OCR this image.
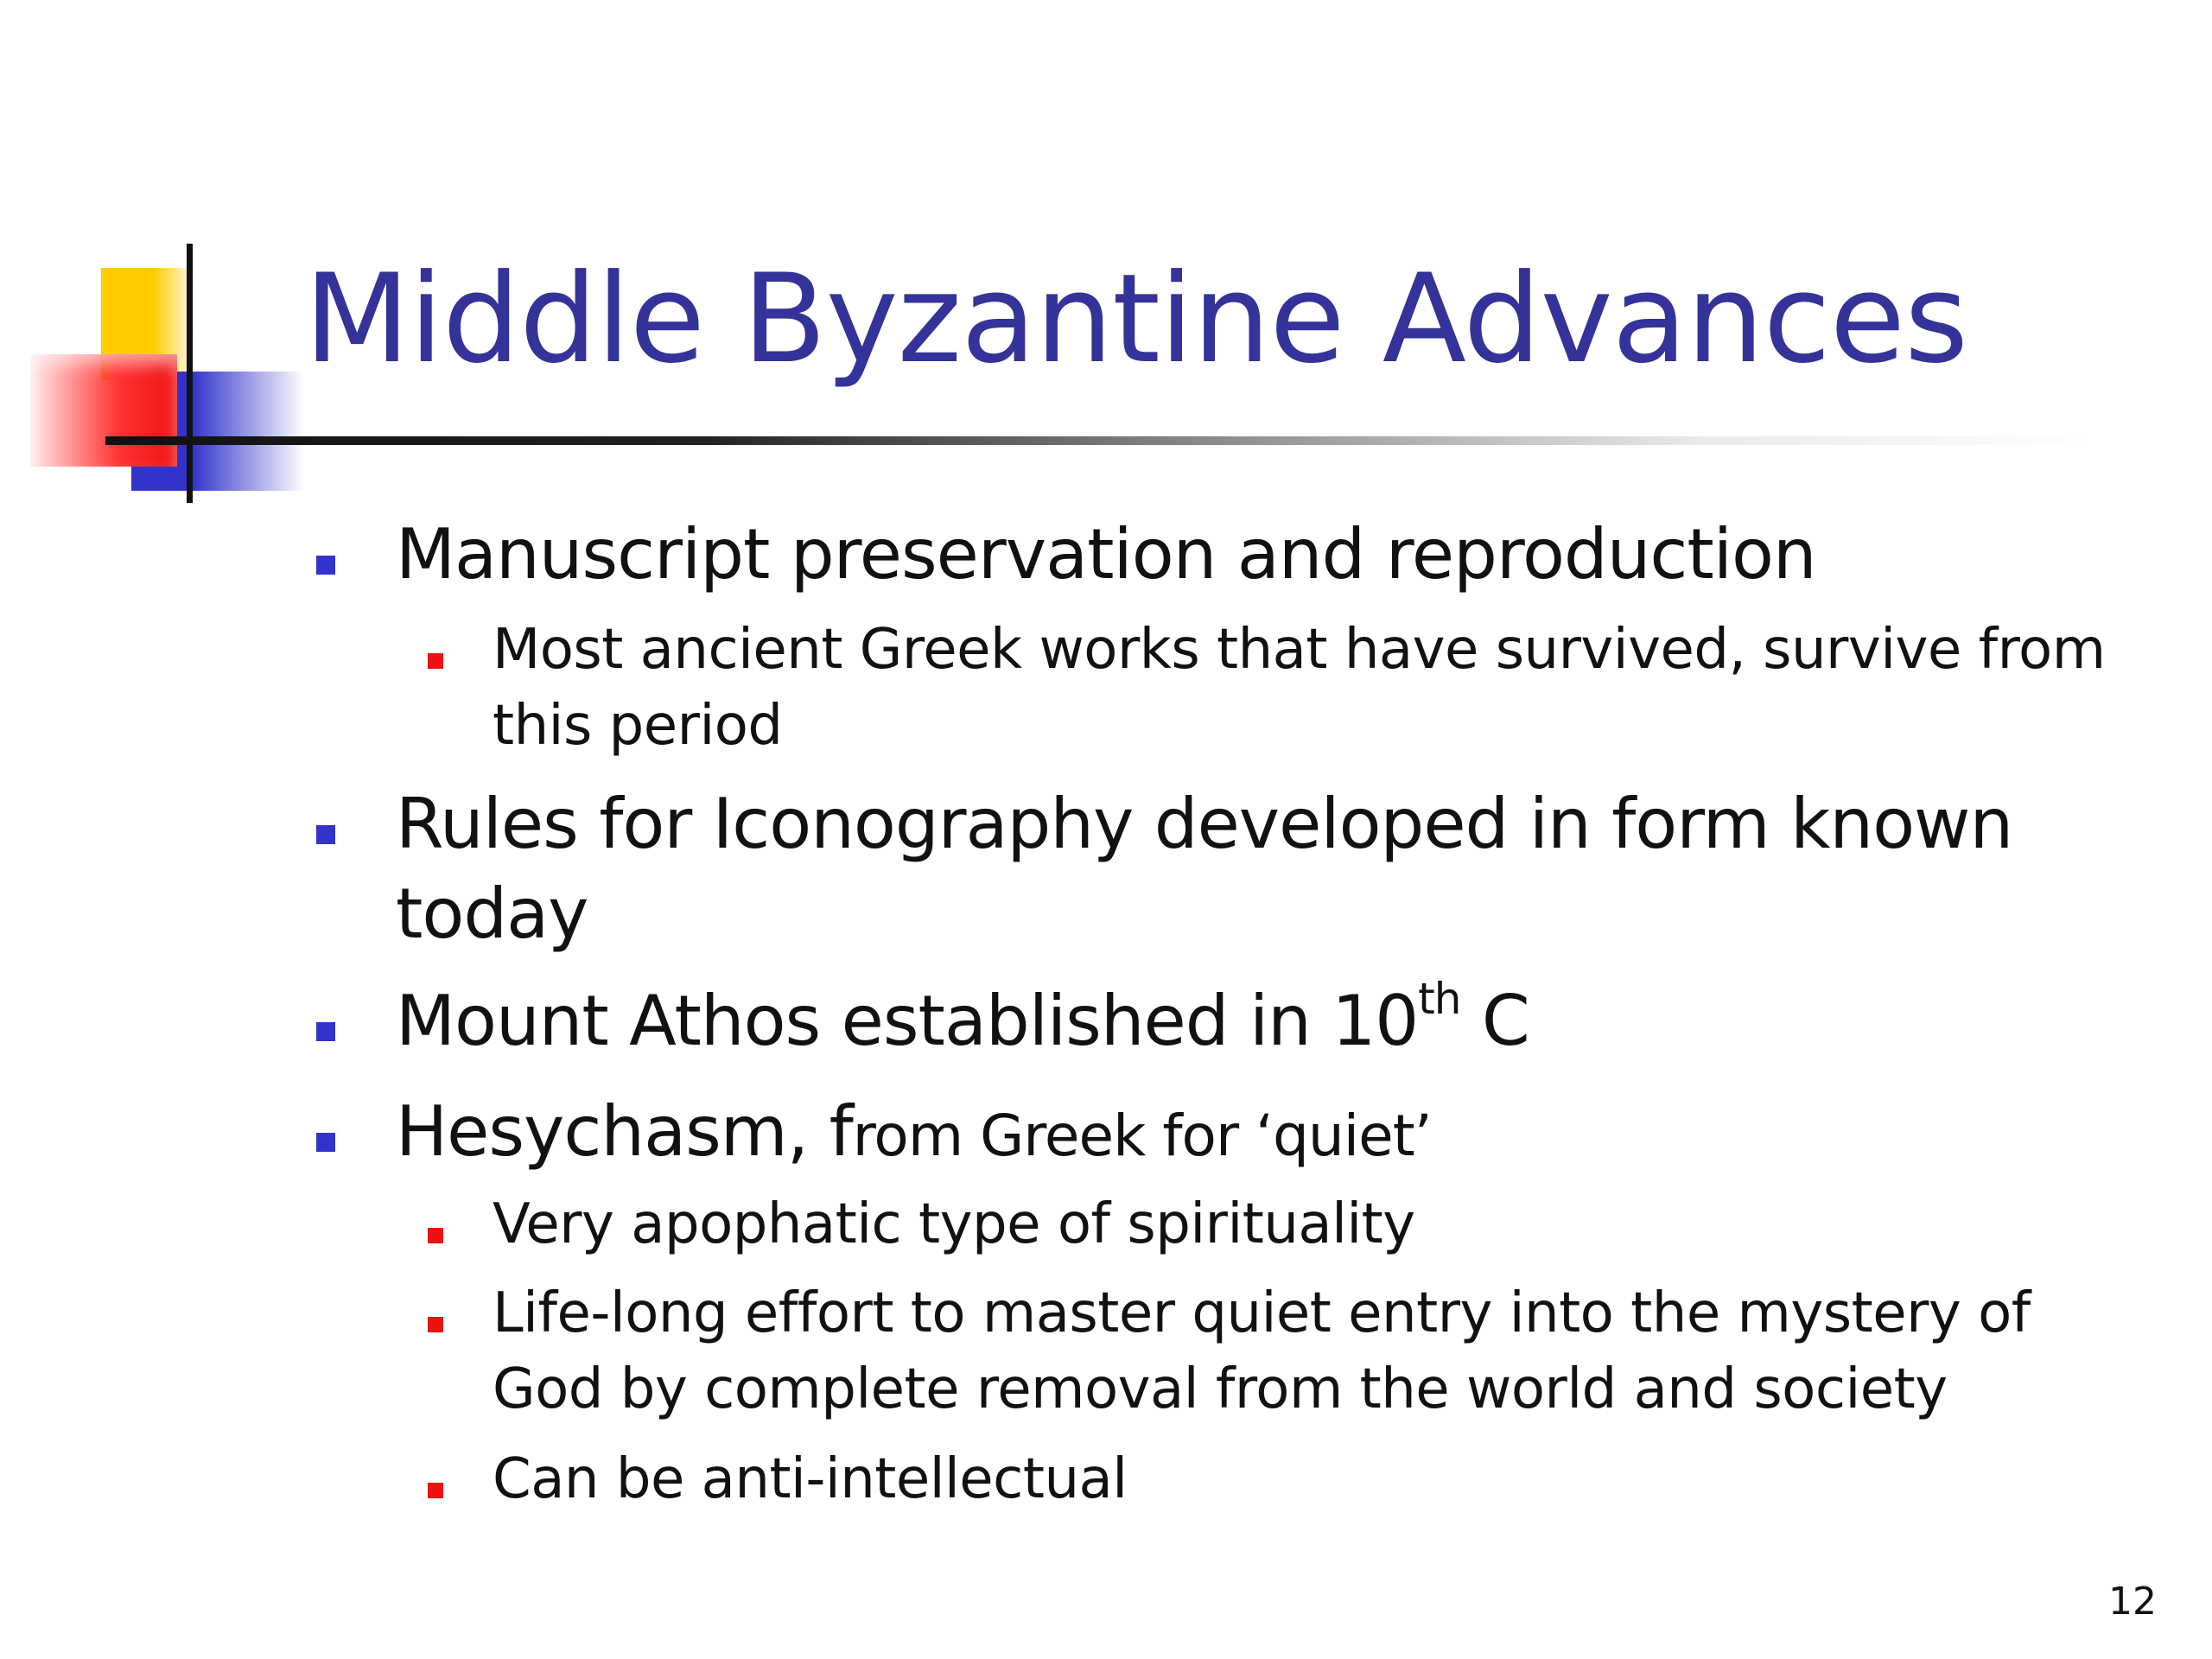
Middle Byzantine Advances
Manuscript preservation and reproduction
Most ancient Greek works that have survived, survive from
this period
Rules for Iconography developed in form known
today
Mount Athos established in 10th C
Hesychasm, from Greek for ‘quiet’
Very apophatic type of spirituality
Life-long effort to master quiet entry into the mystery of
God by complete removal from the world and society
Can be anti-intellectual
12
